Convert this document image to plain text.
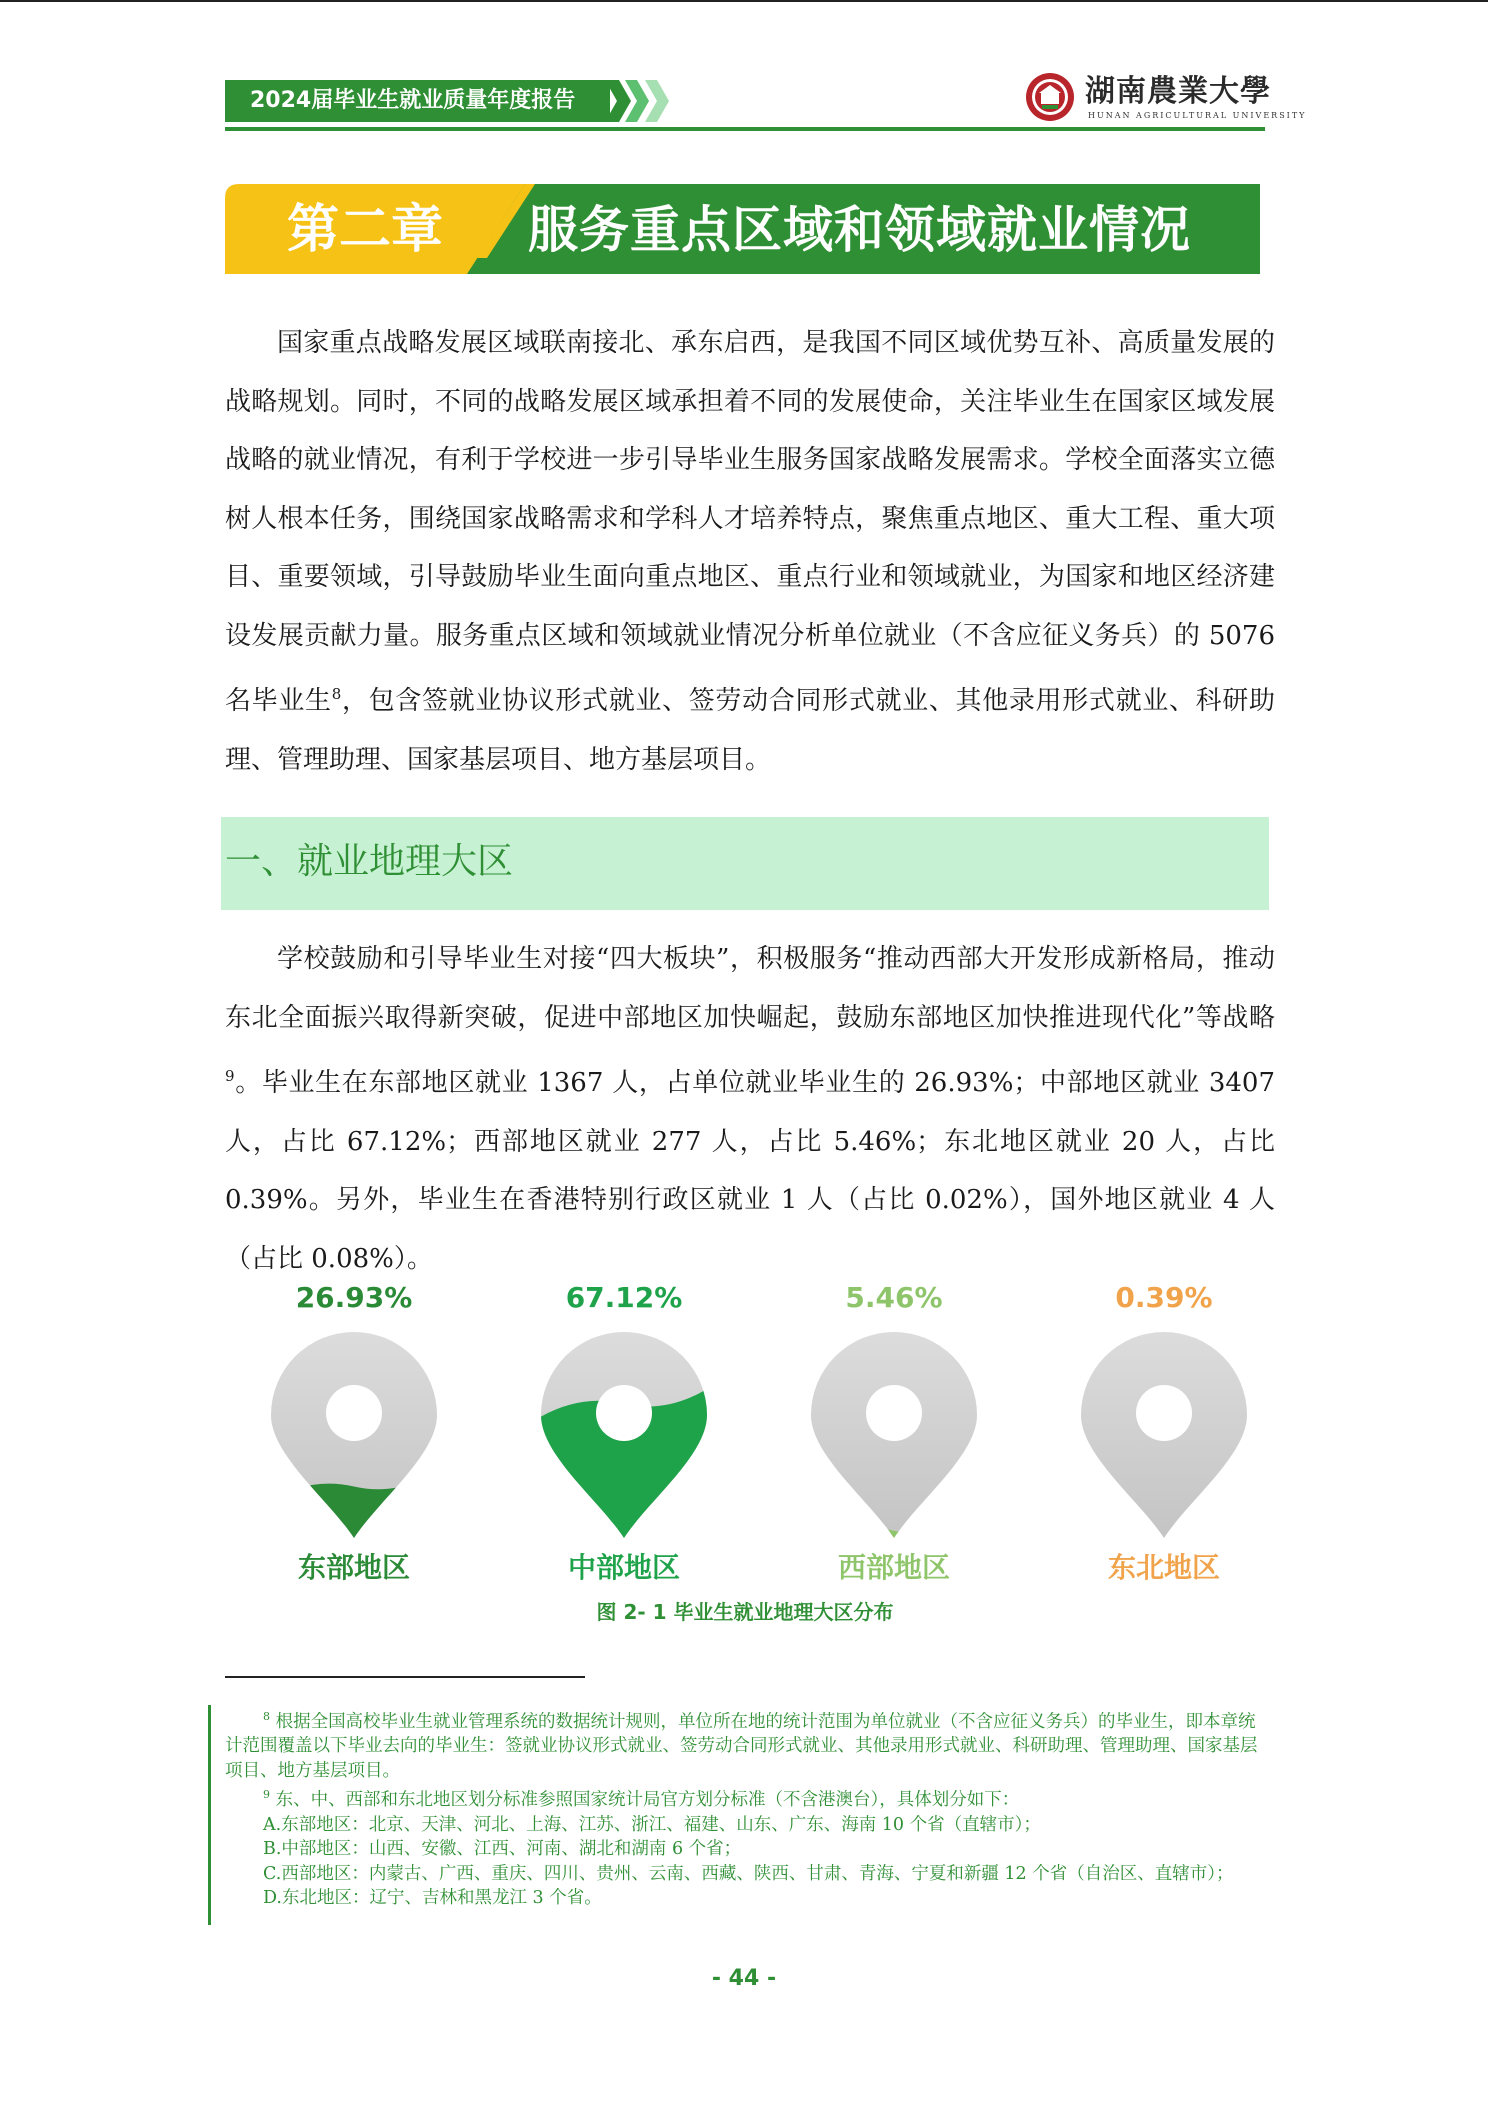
2024届毕业生就业质量年度报告	湖南農業大學
HUNAN AGRICULTURAL UNIVERSITY
第二章 服务重点区域和领域就业情况

国家重点战略发展区域联南接北、承东启西，是我国不同区域优势互补、高质量发展的战略规划。同时，不同的战略发展区域承担着不同的发展使命，关注毕业生在国家区域发展战略的就业情况，有利于学校进一步引导毕业生服务国家战略发展需求。学校全面落实立德树人根本任务，围绕国家战略需求和学科人才培养特点，聚焦重点地区、重大工程、重大项目、重要领域，引导鼓励毕业生面向重点地区、重点行业和领域就业，为国家和地区经济建设发展贡献力量。服务重点区域和领域就业情况分析单位就业（不含应征义务兵）的 5076 名毕业生$^8$，包含签就业协议形式就业、签劳动合同形式就业、其他录用形式就业、科研助理、管理助理、国家基层项目、地方基层项目。

一、就业地理大区

学校鼓励和引导毕业生对接“四大板块”，积极服务“推动西部大开发形成新格局，推动东北全面振兴取得新突破，促进中部地区加快崛起，鼓励东部地区加快推进现代化”等战略$^9$。毕业生在东部地区就业 1367 人，占单位就业毕业生的 26.93%；中部地区就业 3407 人，占比 67.12%；西部地区就业 277 人，占比 5.46%；东北地区就业 20 人，占比 0.39%。另外，毕业生在香港特别行政区就业 1 人（占比 0.02%），国外地区就业 4 人（占比 0.08%）。

26.93%
东部地区
67.12%
中部地区
5.46%
西部地区
0.39%
东北地区
图 2- 1 毕业生就业地理大区分布

$^8$ 根据全国高校毕业生就业管理系统的数据统计规则，单位所在地的统计范围为单位就业（不含应征义务兵）的毕业生，即本章统计范围覆盖以下毕业去向的毕业生：签就业协议形式就业、签劳动合同形式就业、其他录用形式就业、科研助理、管理助理、国家基层项目、地方基层项目。

$^9$ 东、中、西部和东北地区划分标准参照国家统计局官方划分标准（不含港澳台），具体划分如下：

A.东部地区：北京、天津、河北、上海、江苏、浙江、福建、山东、广东、海南 10 个省（直辖市）；

B.中部地区：山西、安徽、江西、河南、湖北和湖南 6 个省；

C.西部地区：内蒙古、广西、重庆、四川、贵州、云南、西藏、陕西、甘肃、青海、宁夏和新疆 12 个省（自治区、直辖市）；

D.东北地区：辽宁、吉林和黑龙江 3 个省。

- 44 -
